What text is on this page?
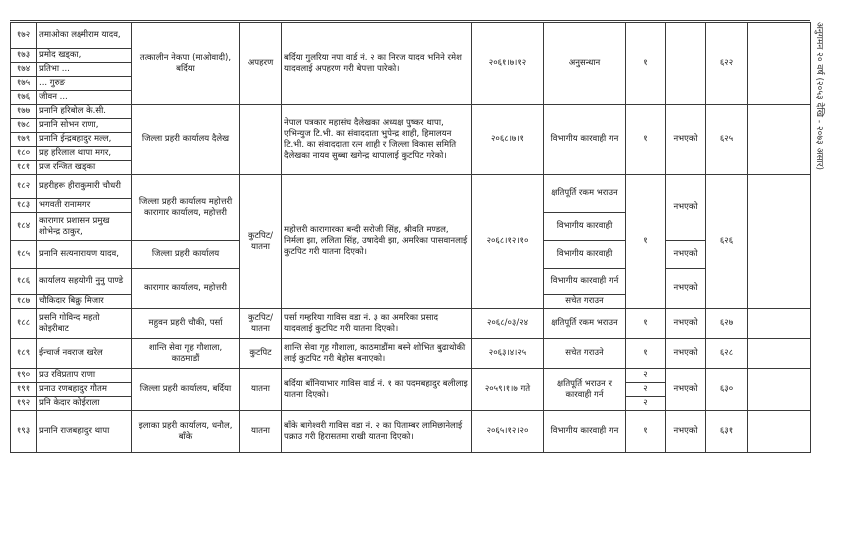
१७२	तमाओका लक्ष्मीराम यादव,	तत्कालीन नेकपा (माओवादी), बर्दिया	अपहरण	बर्दिया गुलरिया नपा वार्ड नं. २ का निरज यादव भनिने रमेश यादवलाई अपहरण गरी बेपत्ता पारेको।	२०६१।७।१२	अनुसन्धान	१		६२२	
१७३	प्रमोद खड्का,									
१७४	प्रतिभा ...									
१७५	... गुरुङ									
१७६	जीवन ...									
१७७	प्रनानि हरिबोल के.सी.	जिल्ला प्रहरी कार्यालय दैलेख		नेपाल पत्रकार महासंघ दैलेखका अध्यक्ष पुष्कर थापा, एभिन्युज टि.भी. का संवाददाता भुपेन्द्र शाही, हिमालयन टि.भी. का संवाददाता रत्न शाही र जिल्ला विकास समिति दैलेखका नायव सुब्बा खगेन्द्र थापालाई कुटपिट गरेको।	२०६८।७।१	विभागीय कारवाही गन	१	नभएको	६२५	
१७८	प्रनानि सोभन राणा,									
१७९	प्रनानि ईन्द्रबहादुर मल्ल,									
१८०	प्रह हरिलाल थापा मगर,									
१८१	प्रज रन्जित खड्का									
१८२	प्रहरीहरू हीराकुमारी चौधरी	जिल्ला प्रहरी कार्यालय महोत्तरी कारागार कार्यालय, महोत्तरी	कुटपिट/ यातना	महोत्तरी कारागारका बन्दी सरोजी सिंह, श्रीवति मण्डल, निर्मला झा, ललिता सिंह, उषादेवी झा, अमरिका पासवानलाई कुटपिट गरी यातना दिएको।	२०६८।१२।१०	क्षतिपूर्ति रकम भराउन	१	नभएको	६२६	
१८३	भगवती रानामगर									
१८४	कारागार प्रशासन प्रमुख शोभेन्द्र ठाकुर,					विभागीय कारवाही				
१८५	प्रनानि सत्यनारायण यादव,	जिल्ला प्रहरी कार्यालय				विभागीय कारवाही		नभएको		
१८६	कार्यालय सहयोगी नुनु पाण्डे	कारागार कार्यालय, महोत्तरी				विभागीय कारवाही गर्न		नभएको		
१८७	चौकिदार बिक्रु मिजार					सचेत गराउन				
१८८	प्रसनि गोविन्द महतो कोइरीबाट	महुवन प्रहरी चौकी, पर्सा	कुटपिट/ यातना	पर्सा गम्हरिया गाविस वडा नं. ३ का अमरिका प्रसाद यादवलाई कुटपिट गरी यातना दिएको।	२०६८/०३/२४	क्षतिपूर्ति रकम भराउन	१	नभएको	६२७	
१८९	ईन्चार्ज नवराज खरेल	शान्ति सेवा गृह गौशाला, काठमाडौं	कुटपिट	शान्ति सेवा गृह गौशाला, काठमाडौंमा बस्ने शोभित बुढाथोकी लाई कुटपिट गरी बेहोस बनाएको।	२०६३।४।२५	सचेत गराउने	१	नभएको	६२८	
१९०	प्रउ रविप्रताप राणा	जिल्ला प्रहरी कार्यालय, बर्दिया	यातना	बर्दिया बाँनियाभार गाविस वार्ड नं. १ का पदमबहादुर बलीलाइ यातना दिएको।	२०५९।१।७ गते	क्षतिपूर्ति भराउन र कारवाही गर्न	२	नभएको	६३०	
१९१	प्रनाउ रणबहादुर गौतम						२			
१९२	प्रनि केदार कोईराला						२			
१९३	प्रनानि राजबहादुर थापा	इलाका प्रहरी कार्यालय, धनौल, बाँके	यातना	बाँके बागेश्वरी गाविस वडा नं. २ का पिताम्बर लामिछानेलाई पक्राउ गरी हिरासतमा राखी यातना दिएको।	२०६५।१२।२०	विभागीय कारवाही गन	१	नभएको	६३१	
अनुगमन २० वर्ष (२०५३ देखि - २०७३ असार)
